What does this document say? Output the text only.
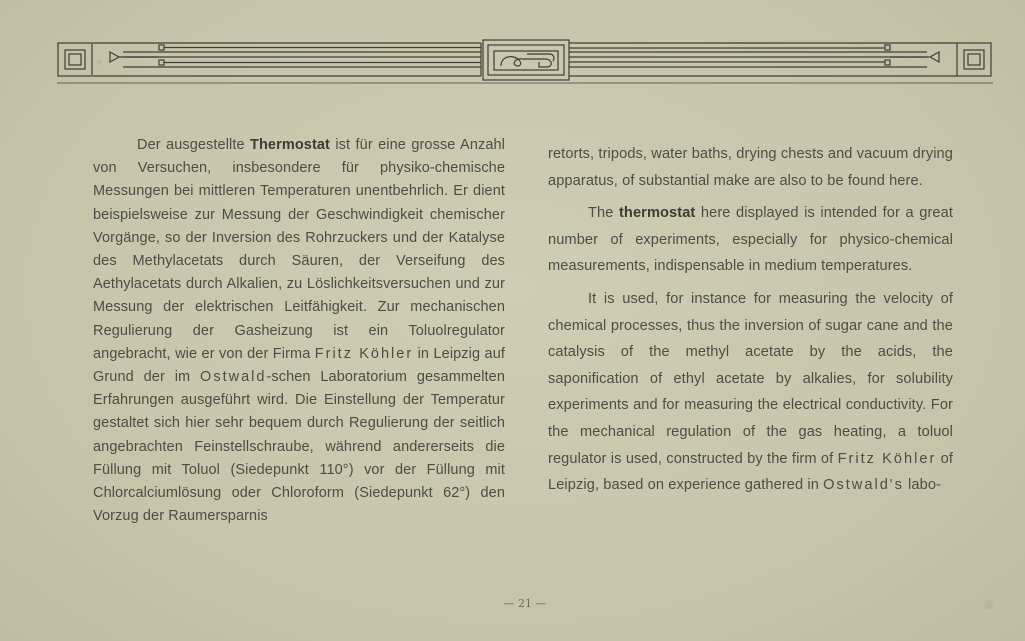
Der ausgestellte Thermostat ist für eine grosse Anzahl von Versuchen, insbesondere für physiko-chemische Messungen bei mittleren Temperaturen unentbehrlich. Er dient beispielsweise zur Messung der Geschwindigkeit chemischer Vorgänge, so der Inversion des Rohrzuckers und der Katalyse des Methylacetats durch Säuren, der Verseifung des Aethylacetats durch Alkalien, zu Löslichkeitsversuchen und zur Messung der elektrischen Leitfähigkeit. Zur mechanischen Regulierung der Gasheizung ist ein Toluolregulator angebracht, wie er von der Firma Fritz Köhler in Leipzig auf Grund der im Ostwald-schen Laboratorium gesammelten Erfahrungen ausgeführt wird. Die Einstellung der Temperatur gestaltet sich hier sehr bequem durch Regulierung der seitlich angebrachten Feinstellschraube, während andererseits die Füllung mit Toluol (Siedepunkt 110°) vor der Füllung mit Chlorcalciumlösung oder Chloroform (Siedepunkt 62°) den Vorzug der Raumersparnis

retorts, tripods, water baths, drying chests and vacuum drying apparatus, of substantial make are also to be found here.

The thermostat here displayed is intended for a great number of experiments, especially for physico-chemical measurements, indispensable in medium temperatures.

It is used, for instance for measuring the velocity of chemical processes, thus the inversion of sugar cane and the catalysis of the methyl acetate by the acids, the saponification of ethyl acetate by alkalies, for solubility experiments and for measuring the electrical conductivity. For the mechanical regulation of the gas heating, a toluol regulator is used, constructed by the firm of Fritz Köhler of Leipzig, based on experience gathered in Ostwald's labo-

— 21 —
